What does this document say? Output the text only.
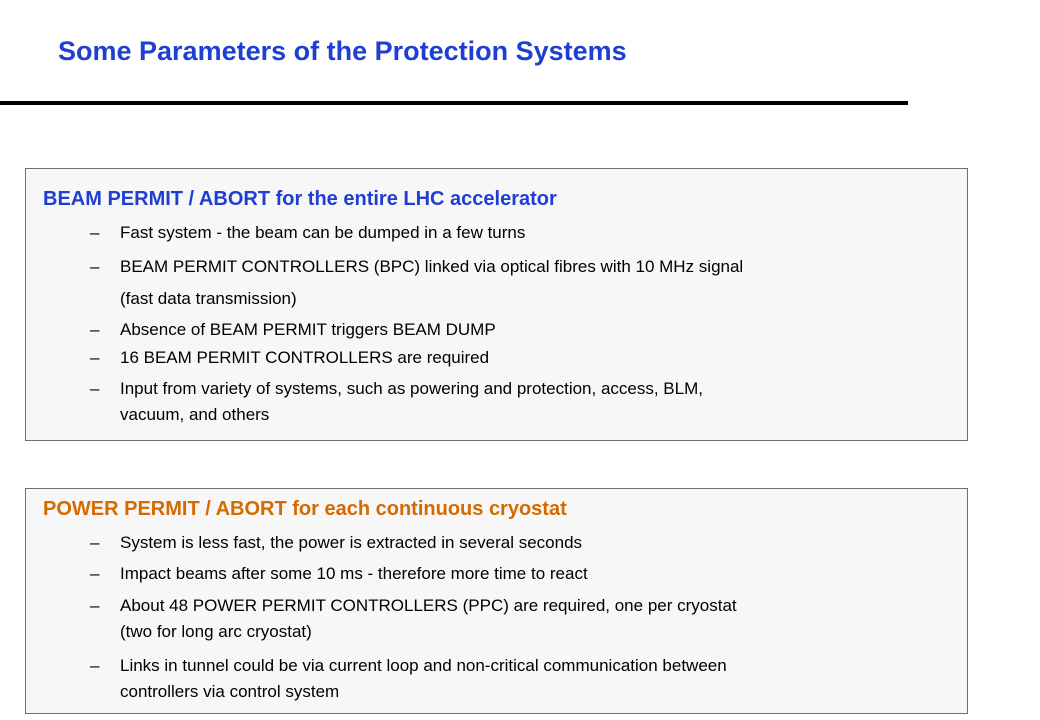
Some Parameters of the Protection Systems
BEAM PERMIT / ABORT for the entire LHC accelerator
– Fast system - the beam can be dumped in a few turns
– BEAM PERMIT CONTROLLERS (BPC) linked via optical fibres with 10 MHz signal
(fast data transmission)
– Absence of BEAM PERMIT triggers BEAM DUMP
– 16 BEAM PERMIT CONTROLLERS are required
– Input from variety of systems, such as powering and protection, access, BLM,
vacuum, and others
POWER PERMIT / ABORT for each continuous cryostat
– System is less fast, the power is extracted in several seconds
– Impact beams after some 10 ms - therefore more time to react
– About 48 POWER PERMIT CONTROLLERS (PPC) are required, one per cryostat
(two for long arc cryostat)
– Links in tunnel could be via current loop and non-critical communication between
controllers via control system
